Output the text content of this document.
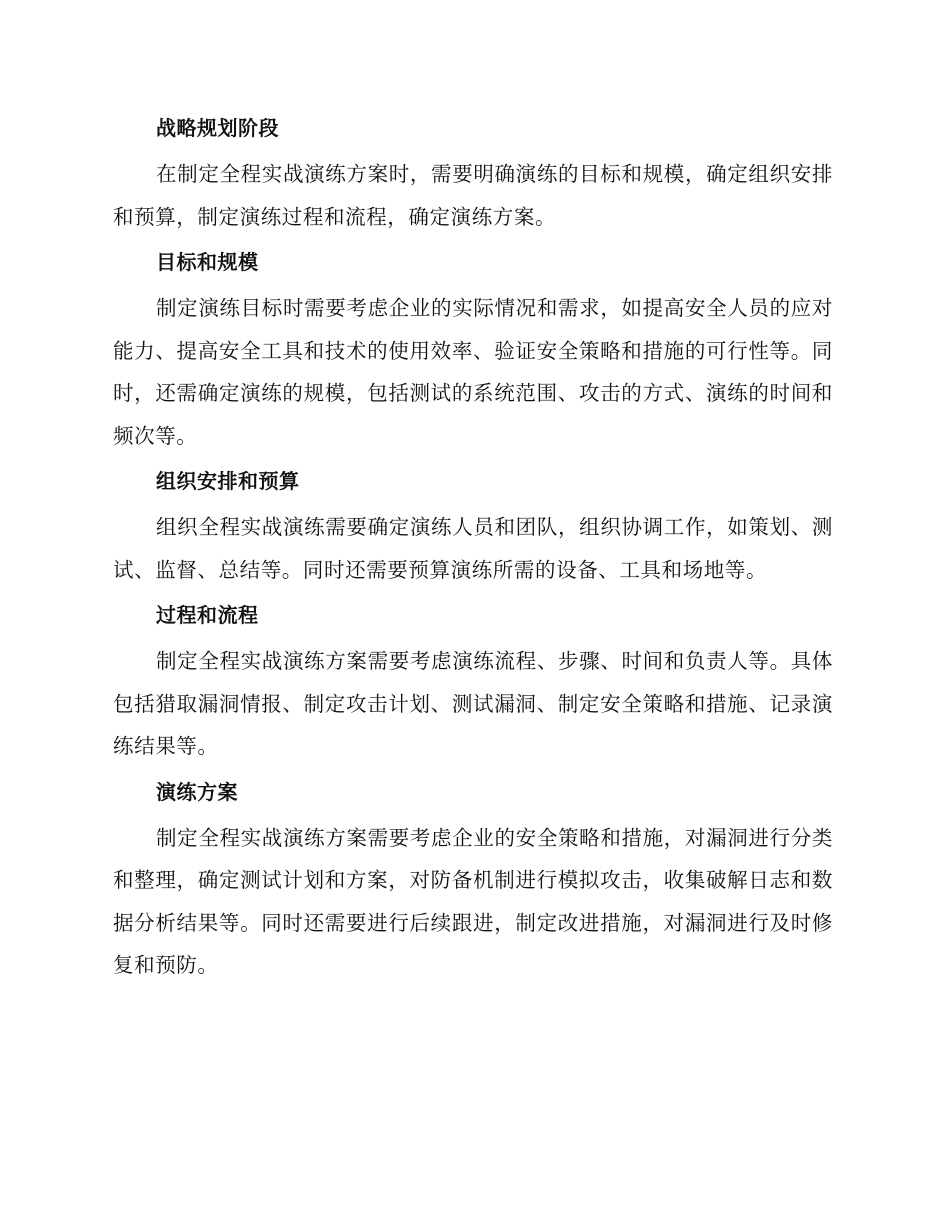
战略规划阶段

在制定全程实战演练方案时，需要明确演练的目标和规模，确定组织安排和预算，制定演练过程和流程，确定演练方案。

目标和规模

制定演练目标时需要考虑企业的实际情况和需求，如提高安全人员的应对能力、提高安全工具和技术的使用效率、验证安全策略和措施的可行性等。同时，还需确定演练的规模，包括测试的系统范围、攻击的方式、演练的时间和频次等。

组织安排和预算

组织全程实战演练需要确定演练人员和团队，组织协调工作，如策划、测试、监督、总结等。同时还需要预算演练所需的设备、工具和场地等。

过程和流程

制定全程实战演练方案需要考虑演练流程、步骤、时间和负责人等。具体包括猎取漏洞情报、制定攻击计划、测试漏洞、制定安全策略和措施、记录演练结果等。

演练方案

制定全程实战演练方案需要考虑企业的安全策略和措施，对漏洞进行分类和整理，确定测试计划和方案，对防备机制进行模拟攻击，收集破解日志和数据分析结果等。同时还需要进行后续跟进，制定改进措施，对漏洞进行及时修复和预防。
